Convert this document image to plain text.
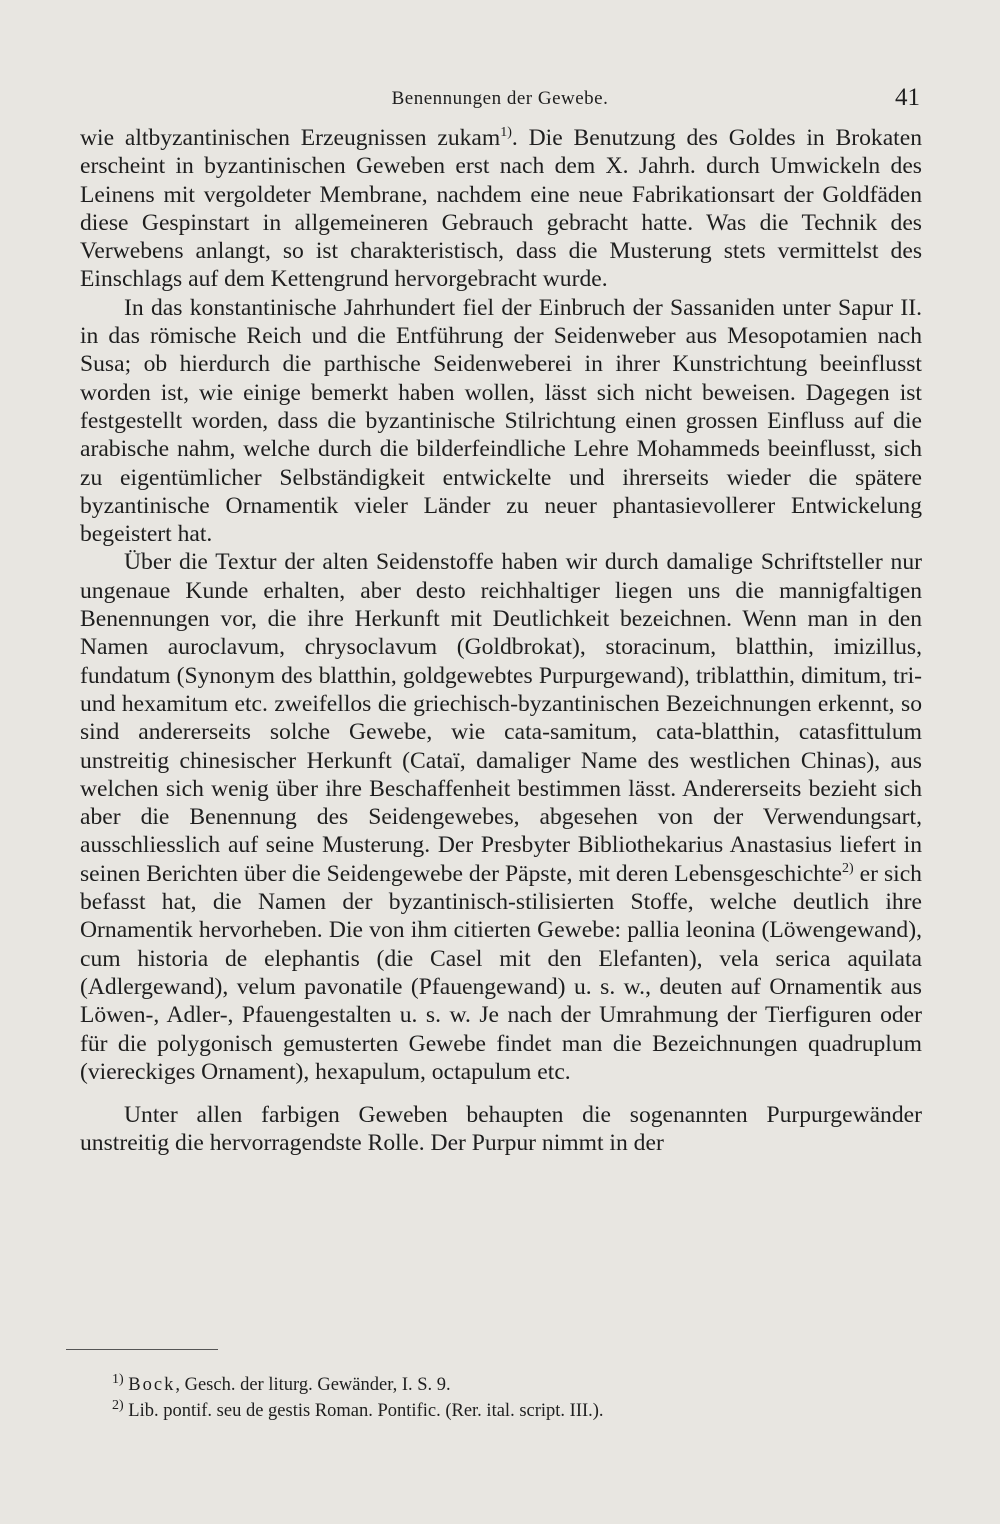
Benennungen der Gewebe.	41

wie altbyzantinischen Erzeugnissen zukam$^{1)}$. Die Benutzung des Goldes in Brokaten erscheint in byzantinischen Geweben erst nach dem X. Jahrh. durch Umwickeln des Leinens mit vergoldeter Membrane, nachdem eine neue Fabrikationsart der Goldfäden diese Gespinstart in allgemeineren Gebrauch gebracht hatte. Was die Technik des Verwebens anlangt, so ist charakteristisch, dass die Musterung stets vermittelst des Einschlags auf dem Kettengrund hervorgebracht wurde.

In das konstantinische Jahrhundert fiel der Einbruch der Sassaniden unter Sapur II. in das römische Reich und die Entführung der Seidenweber aus Mesopotamien nach Susa; ob hierdurch die parthische Seidenweberei in ihrer Kunstrichtung beeinflusst worden ist, wie einige bemerkt haben wollen, lässt sich nicht beweisen. Dagegen ist festgestellt worden, dass die byzantinische Stilrichtung einen grossen Einfluss auf die arabische nahm, welche durch die bilderfeindliche Lehre Mohammeds beeinflusst, sich zu eigentümlicher Selbständigkeit entwickelte und ihrerseits wieder die spätere byzantinische Ornamentik vieler Länder zu neuer phantasievollerer Entwickelung begeistert hat.

Über die Textur der alten Seidenstoffe haben wir durch damalige Schriftsteller nur ungenaue Kunde erhalten, aber desto reichhaltiger liegen uns die mannigfaltigen Benennungen vor, die ihre Herkunft mit Deutlichkeit bezeichnen. Wenn man in den Namen auroclavum, chrysoclavum (Goldbrokat), storacinum, blatthin, imizillus, fundatum (Synonym des blatthin, goldgewebtes Purpurgewand), triblatthin, dimitum, tri- und hexamitum etc. zweifellos die griechisch-byzantinischen Bezeichnungen erkennt, so sind andererseits solche Gewebe, wie cata-samitum, cata-blatthin, catasfittulum unstreitig chinesischer Herkunft (Cataï, damaliger Name des westlichen Chinas), aus welchen sich wenig über ihre Beschaffenheit bestimmen lässt. Andererseits bezieht sich aber die Benennung des Seidengewebes, abgesehen von der Verwendungsart, ausschliesslich auf seine Musterung. Der Presbyter Bibliothekarius Anastasius liefert in seinen Berichten über die Seidengewebe der Päpste, mit deren Lebensgeschichte$^{2)}$ er sich befasst hat, die Namen der byzantinisch-stilisierten Stoffe, welche deutlich ihre Ornamentik hervorheben. Die von ihm citierten Gewebe: pallia leonina (Löwengewand), cum historia de elephantis (die Casel mit den Elefanten), vela serica aquilata (Adlergewand), velum pavonatile (Pfauengewand) u. s. w., deuten auf Ornamentik aus Löwen-, Adler-, Pfauengestalten u. s. w. Je nach der Umrahmung der Tierfiguren oder für die polygonisch gemusterten Gewebe findet man die Bezeichnungen quadruplum (viereckiges Ornament), hexapulum, octapulum etc.

Unter allen farbigen Geweben behaupten die sogenannten Purpurgewänder unstreitig die hervorragendste Rolle. Der Purpur nimmt in der

$^{1)}$ Bock, Gesch. der liturg. Gewänder, I. S. 9.
$^{2)}$ Lib. pontif. seu de gestis Roman. Pontific. (Rer. ital. script. III.).
